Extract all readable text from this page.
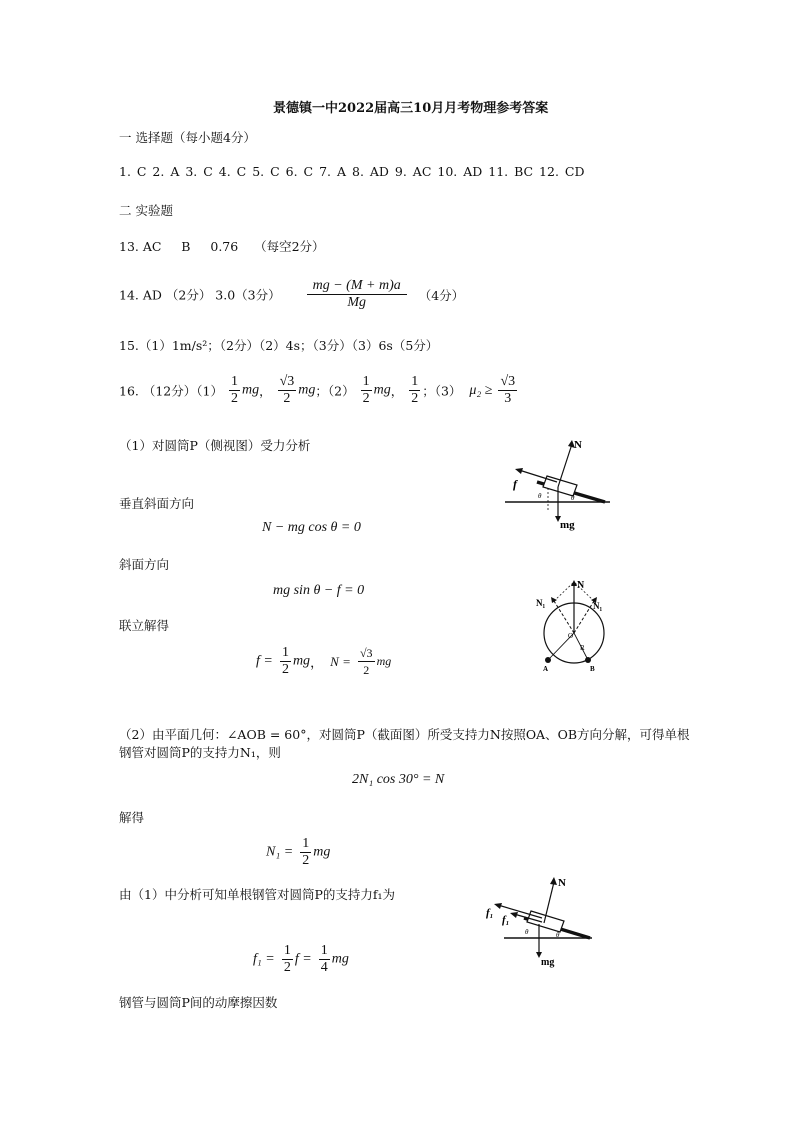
景德镇一中2022届高三10月月考物理参考答案
一 选择题（每小题4分）
1. C 2. A 3. C 4. C 5. C 6. C 7. A 8. AD 9. AC 10. AD 11. BC 12. CD
二 实验题
13. AC     B     0.76    （每空2分）
14. AD （2分） 3.0（3分） $\frac{mg - (M + m)a}{Mg} (4$分）
15.（1）1m/s²；（2分）（2）4s；（3分）（3）6s（5分）
16. （12分）$(1) \frac{1}{2}$ mg， $\frac{√3}{2}$ mg；$(2) \frac{1}{2}$ mg， $\frac{1}{2}$ ；（3） $\mu_2 \ge \frac{√3}{3}$
（1）对圆筒P（侧视图）受力分析
垂直斜面方向
N − mg cos θ = 0
斜面方向
mg sin θ − f = 0
联立解得
$f = \frac{1}{2}$ mg， $N = \frac{√3}{2}$ mg
（2）由平面几何：∠AOB = 60°，对圆筒P（截面图）所受支持力N按照OA、OB方向分解，可得单根
钢管对圆筒P的支持力N₁，则
2N₁ cos 30° = N
解得
$N_1 = \frac{1}{2}$ mg
由（1）中分析可知单根钢管对圆筒P的支持力f₁为
$f_1 = \frac{1}{2}$ $f = \frac{1}{4}$ mg
钢管与圆筒P间的动摩擦因数
N
f
mg
θ	θ
N
N₁	N₁
O
R
A	B
N
f₁
f₁
mg
θ	θ
